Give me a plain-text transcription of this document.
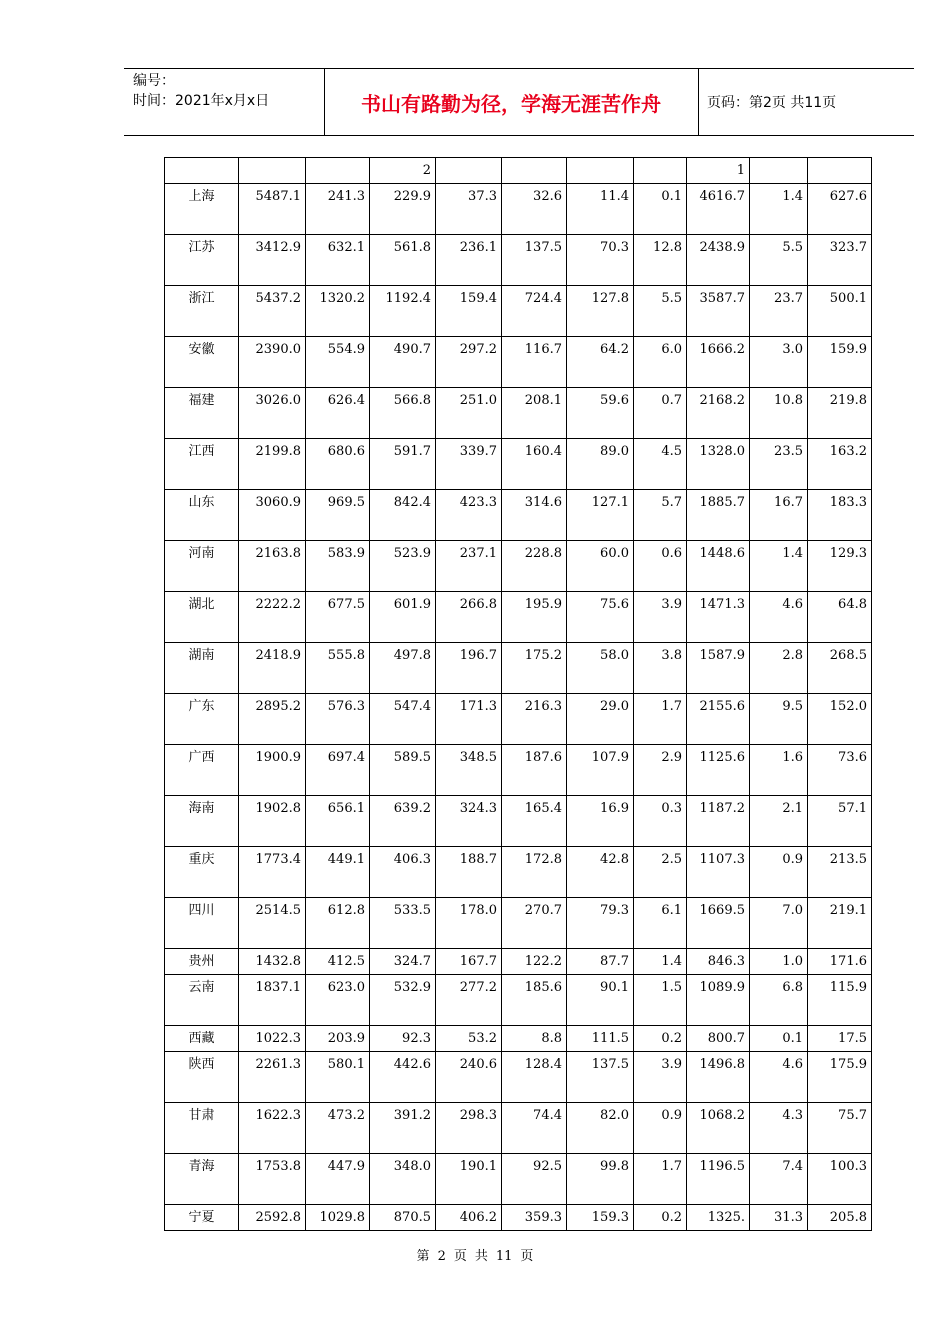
编号：
时间：2021年x月x日	书山有路勤为径，学海无涯苦作舟	页码：第2页 共11页
			2					1		
上海	5487.1	241.3	229.9	37.3	32.6	11.4	0.1	4616.7	1.4	627.6
江苏	3412.9	632.1	561.8	236.1	137.5	70.3	12.8	2438.9	5.5	323.7
浙江	5437.2	1320.2	1192.4	159.4	724.4	127.8	5.5	3587.7	23.7	500.1
安徽	2390.0	554.9	490.7	297.2	116.7	64.2	6.0	1666.2	3.0	159.9
福建	3026.0	626.4	566.8	251.0	208.1	59.6	0.7	2168.2	10.8	219.8
江西	2199.8	680.6	591.7	339.7	160.4	89.0	4.5	1328.0	23.5	163.2
山东	3060.9	969.5	842.4	423.3	314.6	127.1	5.7	1885.7	16.7	183.3
河南	2163.8	583.9	523.9	237.1	228.8	60.0	0.6	1448.6	1.4	129.3
湖北	2222.2	677.5	601.9	266.8	195.9	75.6	3.9	1471.3	4.6	64.8
湖南	2418.9	555.8	497.8	196.7	175.2	58.0	3.8	1587.9	2.8	268.5
广东	2895.2	576.3	547.4	171.3	216.3	29.0	1.7	2155.6	9.5	152.0
广西	1900.9	697.4	589.5	348.5	187.6	107.9	2.9	1125.6	1.6	73.6
海南	1902.8	656.1	639.2	324.3	165.4	16.9	0.3	1187.2	2.1	57.1
重庆	1773.4	449.1	406.3	188.7	172.8	42.8	2.5	1107.3	0.9	213.5
四川	2514.5	612.8	533.5	178.0	270.7	79.3	6.1	1669.5	7.0	219.1
贵州	1432.8	412.5	324.7	167.7	122.2	87.7	1.4	846.3	1.0	171.6
云南	1837.1	623.0	532.9	277.2	185.6	90.1	1.5	1089.9	6.8	115.9
西藏	1022.3	203.9	92.3	53.2	8.8	111.5	0.2	800.7	0.1	17.5
陕西	2261.3	580.1	442.6	240.6	128.4	137.5	3.9	1496.8	4.6	175.9
甘肃	1622.3	473.2	391.2	298.3	74.4	82.0	0.9	1068.2	4.3	75.7
青海	1753.8	447.9	348.0	190.1	92.5	99.8	1.7	1196.5	7.4	100.3
宁夏	2592.8	1029.8	870.5	406.2	359.3	159.3	0.2	1325.	31.3	205.8
第 2 页 共 11 页
